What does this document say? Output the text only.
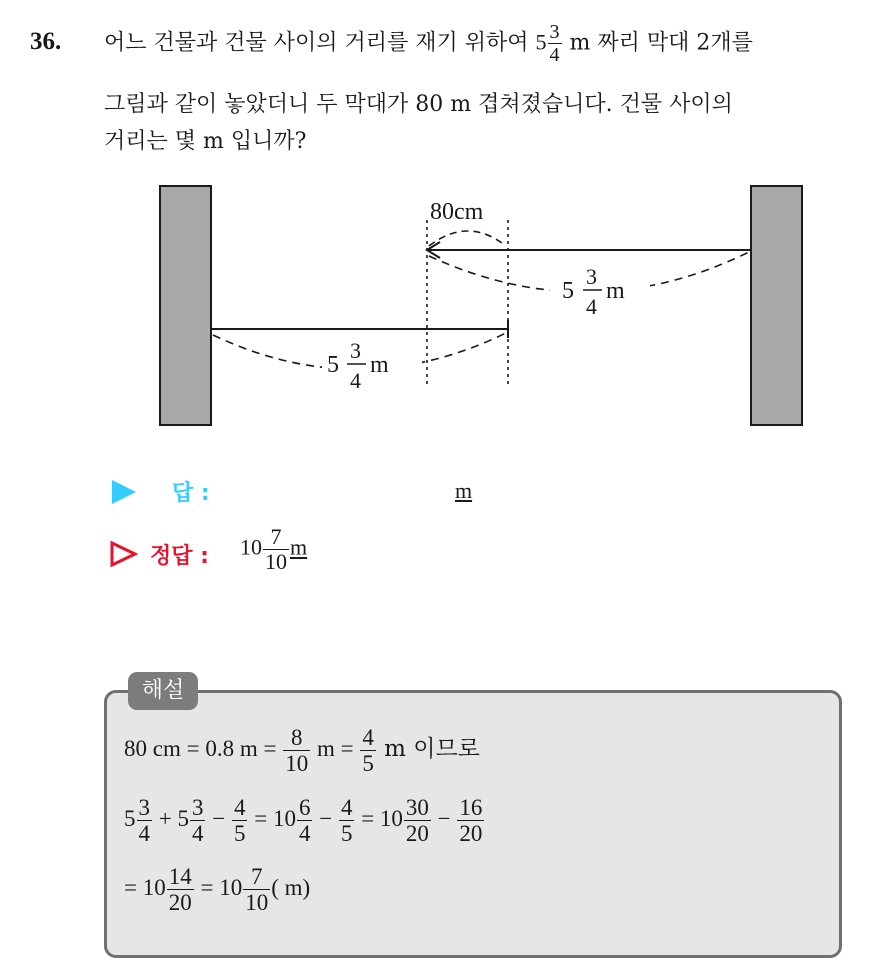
36. 어느 건물과 건물 사이의 거리를 재기 위하여 $5 \frac{3}{4}$ m 짜리 막대 2개를
그림과 같이 놓았더니 두 막대가 80 m 겹쳐졌습니다. 건물 사이의
거리는 몇 m 입니까?
80cm
5
3
4
m
5
3
4
m
답 :	m
정답 : $10 \frac{7}{10}$ m
해설
80 cm = 0.8 $m = \frac{8}{10}$ $m = \frac{4}{5}$ m 이므로
$5 \frac{3}{4} + 5 \frac{3}{4} - \frac{4}{5} = 10 \frac{6}{4} - \frac{4}{5} = 10 \frac{30}{20} - \frac{16}{20}$
= $10 \frac{14}{20} = 10 \frac{7}{10}$ ( m)
